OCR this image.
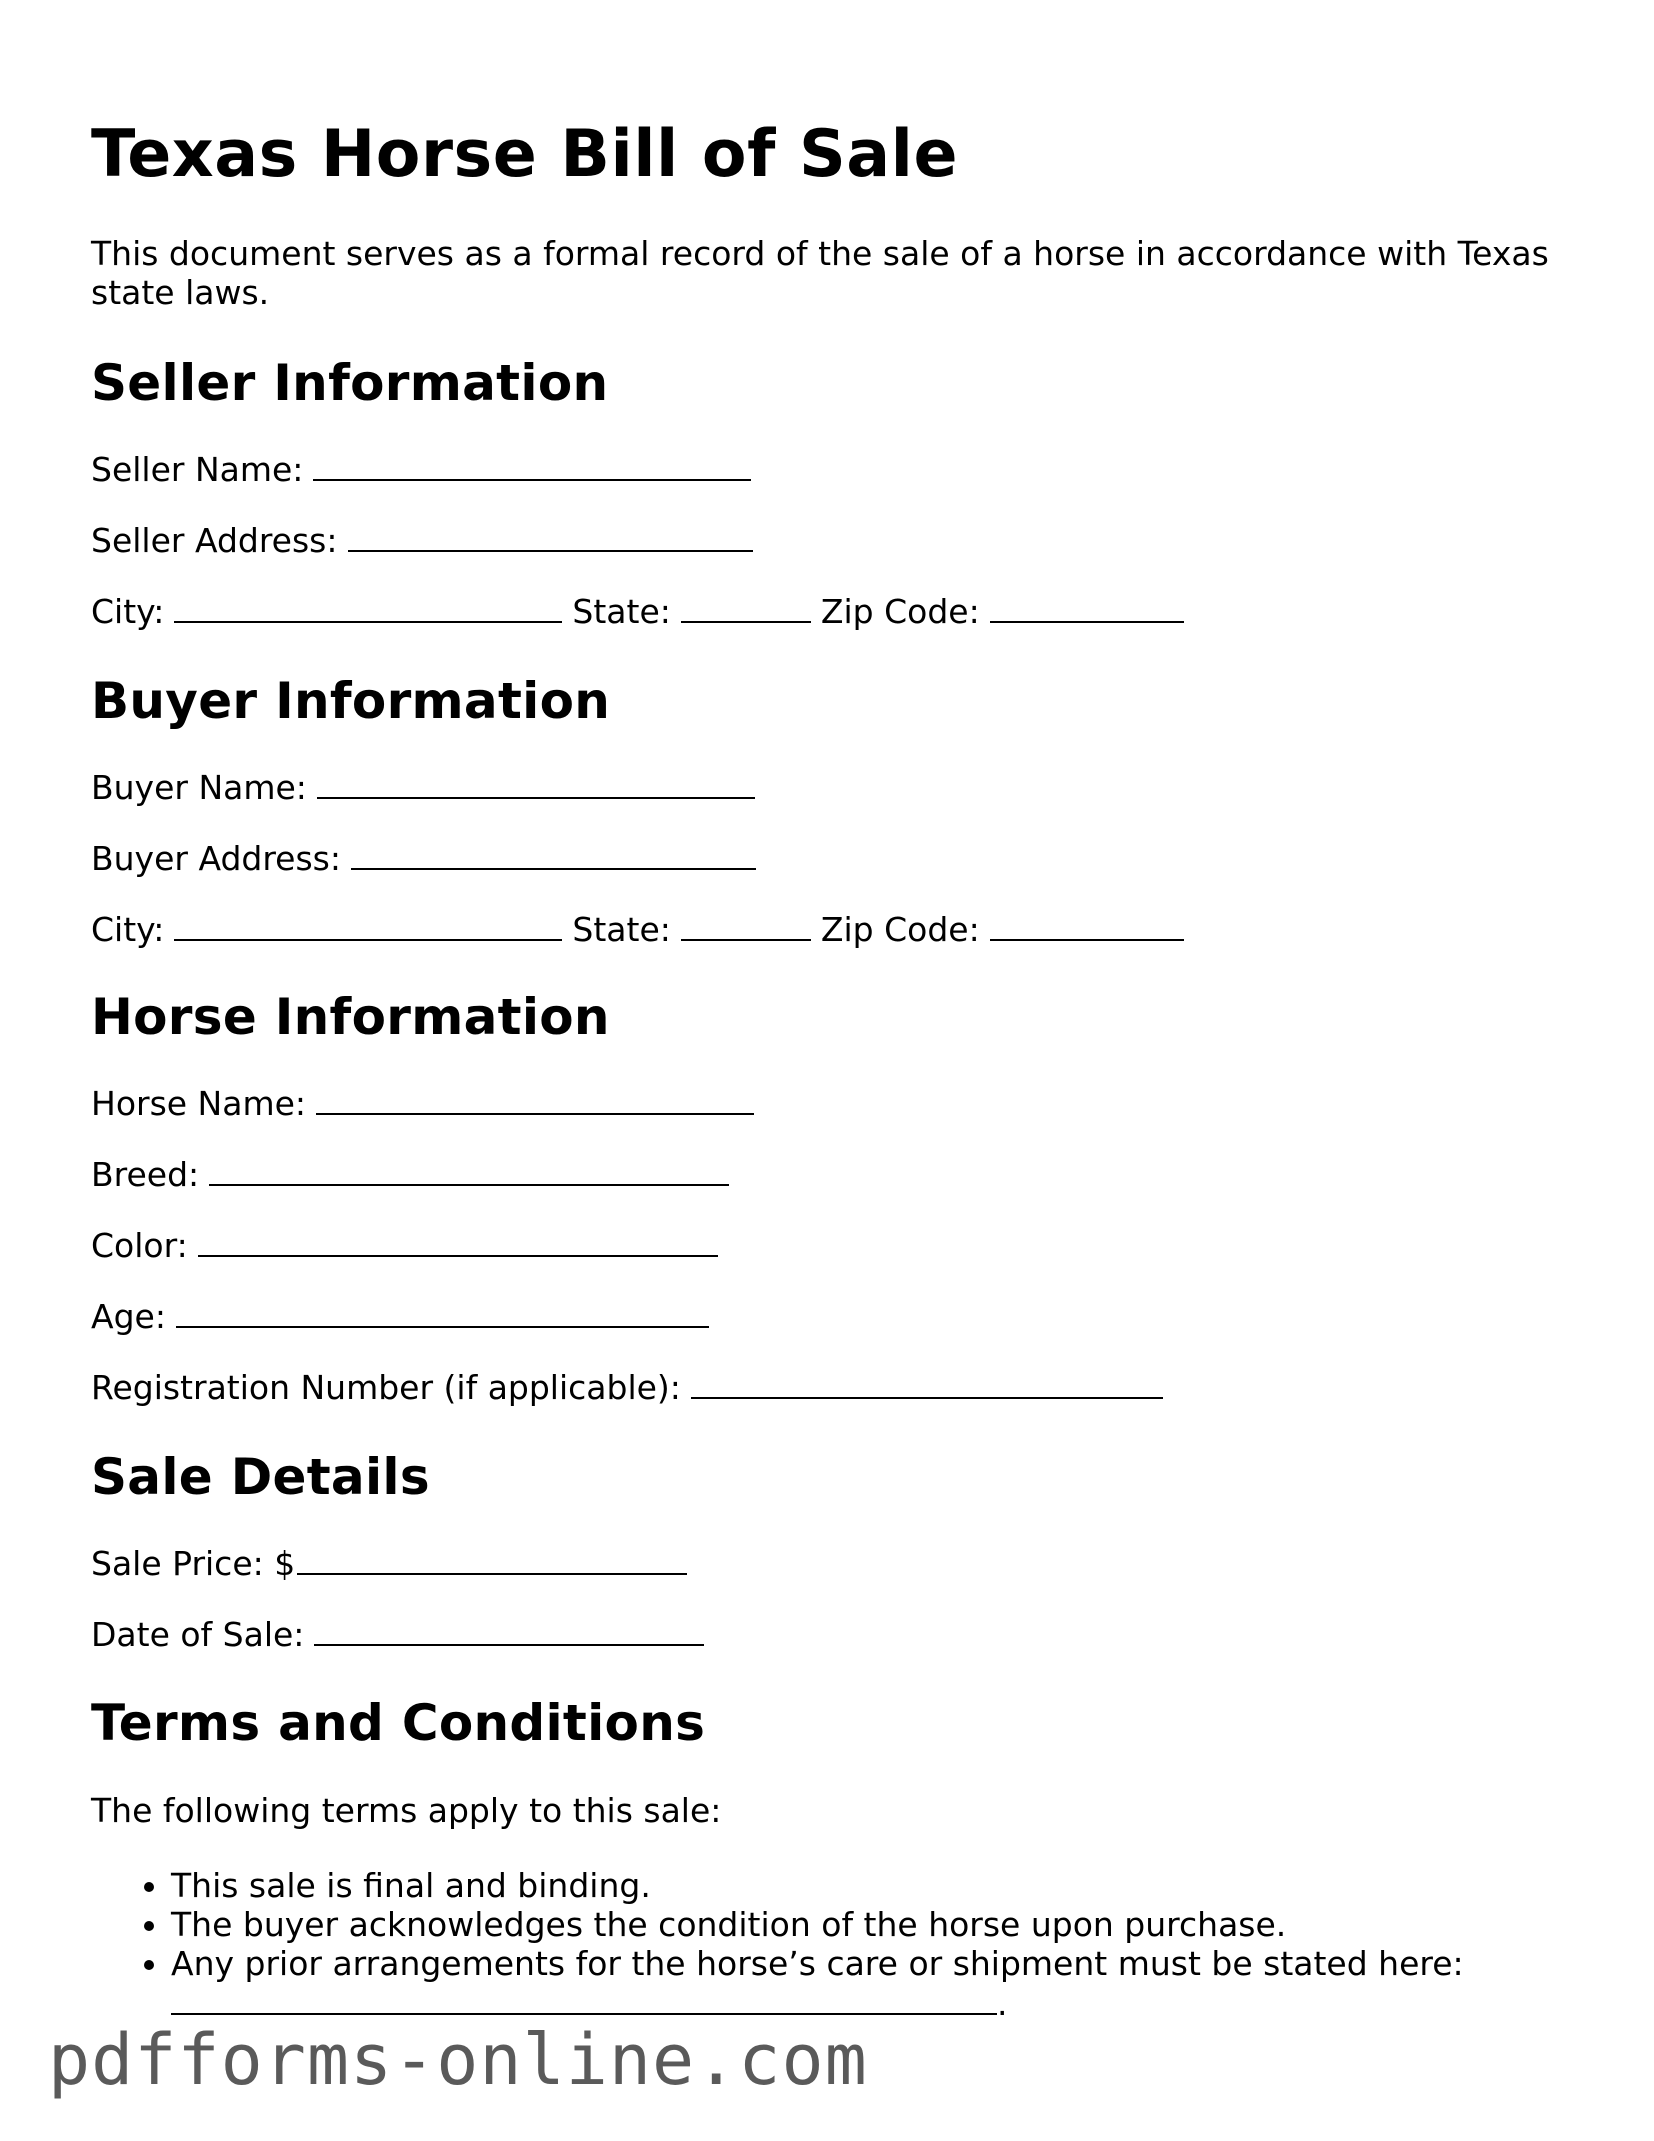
Texas Horse Bill of Sale

This document serves as a formal record of the sale of a horse in accordance with Texas state laws.

Seller Information
Seller Name:
Seller Address:
City:	State:	Zip Code:
Buyer Information
Buyer Name:
Buyer Address:
City:	State:	Zip Code:
Horse Information
Horse Name:
Breed:
Color:
Age:
Registration Number (if applicable):
Sale Details
Sale Price: $
Date of Sale:
Terms and Conditions
The following terms apply to this sale:
• This sale is final and binding.
• The buyer acknowledges the condition of the horse upon purchase.
• Any prior arrangements for the horse’s care or shipment must be stated here:
.
pdfforms-online.com
